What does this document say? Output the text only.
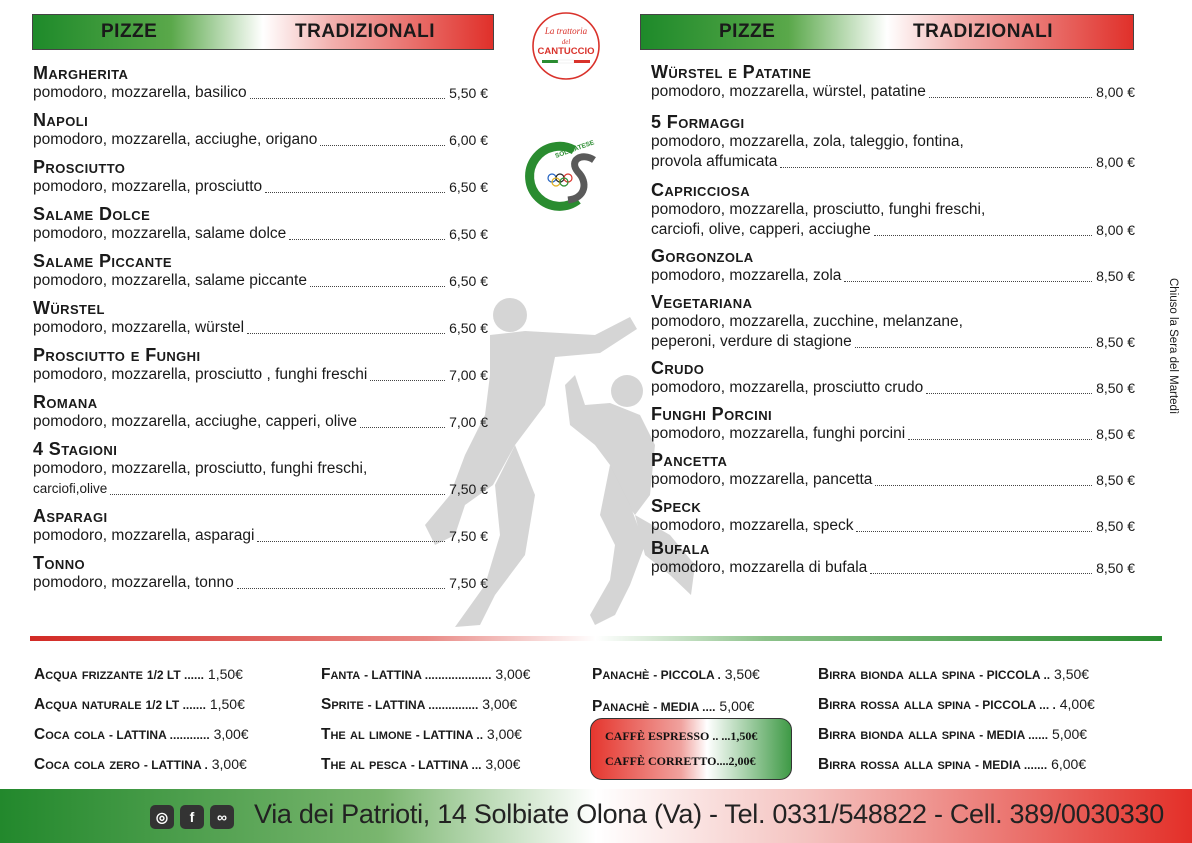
PIZZE	TRADIZIONALI	PIZZE	TRADIZIONALI
La trattoria
del
CANTUCCIO
SOLBIATESE
Margherita
pomodoro, mozzarella, basilico	5,50 €
Napoli
pomodoro, mozzarella, acciughe, origano	6,00 €
Prosciutto
pomodoro, mozzarella, prosciutto	6,50 €
Salame Dolce
pomodoro, mozzarella, salame dolce	6,50 €
Salame Piccante
pomodoro, mozzarella, salame piccante	6,50 €
Würstel
pomodoro, mozzarella, würstel	6,50 €
Prosciutto e Funghi
pomodoro, mozzarella, prosciutto , funghi freschi	7,00 €
Romana
pomodoro, mozzarella, acciughe, capperi, olive	7,00 €
4 Stagioni
pomodoro, mozzarella, prosciutto, funghi freschi,
carciofi,olive	7,50 €
Asparagi
pomodoro, mozzarella, asparagi	7,50 €
Tonno
pomodoro, mozzarella, tonno	7,50 €
Würstel e Patatine
pomodoro, mozzarella, würstel, patatine	8,00 €
5 Formaggi
pomodoro, mozzarella, zola, taleggio, fontina,
provola affumicata	8,00 €
Capricciosa
pomodoro, mozzarella, prosciutto, funghi freschi,
carciofi, olive, capperi, acciughe	8,00 €
Gorgonzola
pomodoro, mozzarella, zola	8,50 €
Vegetariana
pomodoro, mozzarella, zucchine, melanzane,
peperoni, verdure di stagione	8,50 €
Crudo
pomodoro, mozzarella, prosciutto crudo	8,50 €
Funghi Porcini
pomodoro, mozzarella, funghi porcini	8,50 €
Pancetta
pomodoro, mozzarella, pancetta	8,50 €
Speck
pomodoro, mozzarella, speck	8,50 €
Bufala
pomodoro, mozzarella di bufala	8,50 €
Chiuso la Sera del Martedì
Acqua frizzante 1/2 LT ...... 1,50€
Acqua naturale 1/2 LT ....... 1,50€
Coca cola - LATTINA ............ 3,00€
Coca cola zero - LATTINA . 3,00€
Fanta - LATTINA .................... 3,00€
Sprite - LATTINA ............... 3,00€
The al limone - LATTINA .. 3,00€
The al pesca - LATTINA ... 3,00€
Panachè - PICCOLA . 3,50€
Panachè - MEDIA .... 5,00€
Birra bionda alla spina - PICCOLA .. 3,50€
Birra rossa alla spina - PICCOLA ... . 4,00€
Birra bionda alla spina - MEDIA ...... 5,00€
Birra rossa alla spina - MEDIA ....... 6,00€
CAFFÈ ESPRESSO .. ...1,50€
CAFFÈ CORRETTO....2,00€
◎	f	∞ Via dei Patrioti, 14 Solbiate Olona (Va) - Tel. 0331/548822 - Cell. 389/0030330
